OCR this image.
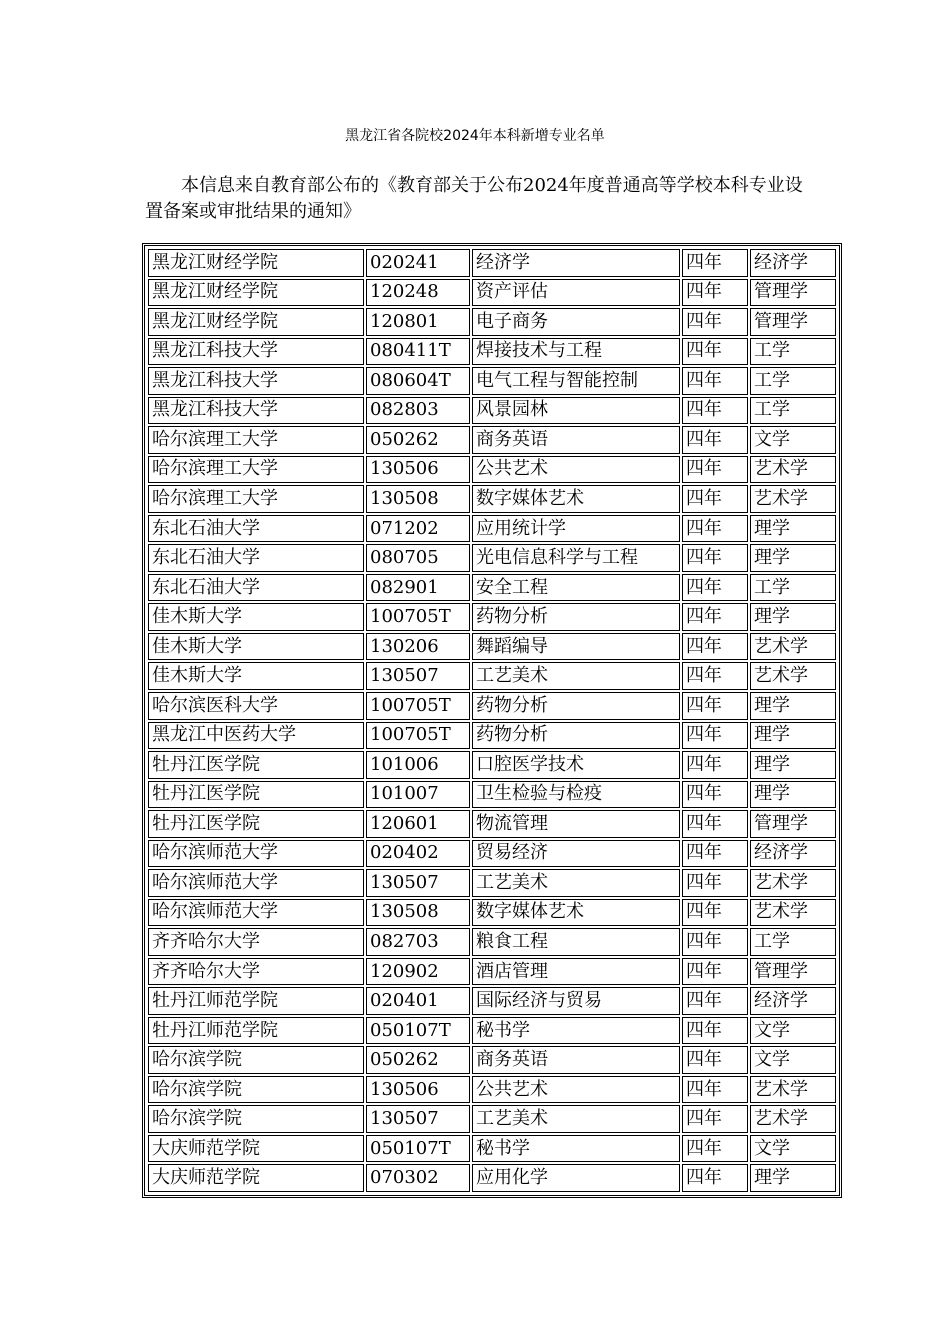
黑龙江省各院校2024年本科新增专业名单

本信息来自教育部公布的《教育部关于公布2024年度普通高等学校本科专业设置备案或审批结果的通知》

黑龙江财经学院	020241	经济学	四年	经济学
黑龙江财经学院	120248	资产评估	四年	管理学
黑龙江财经学院	120801	电子商务	四年	管理学
黑龙江科技大学	080411T	焊接技术与工程	四年	工学
黑龙江科技大学	080604T	电气工程与智能控制	四年	工学
黑龙江科技大学	082803	风景园林	四年	工学
哈尔滨理工大学	050262	商务英语	四年	文学
哈尔滨理工大学	130506	公共艺术	四年	艺术学
哈尔滨理工大学	130508	数字媒体艺术	四年	艺术学
东北石油大学	071202	应用统计学	四年	理学
东北石油大学	080705	光电信息科学与工程	四年	理学
东北石油大学	082901	安全工程	四年	工学
佳木斯大学	100705T	药物分析	四年	理学
佳木斯大学	130206	舞蹈编导	四年	艺术学
佳木斯大学	130507	工艺美术	四年	艺术学
哈尔滨医科大学	100705T	药物分析	四年	理学
黑龙江中医药大学	100705T	药物分析	四年	理学
牡丹江医学院	101006	口腔医学技术	四年	理学
牡丹江医学院	101007	卫生检验与检疫	四年	理学
牡丹江医学院	120601	物流管理	四年	管理学
哈尔滨师范大学	020402	贸易经济	四年	经济学
哈尔滨师范大学	130507	工艺美术	四年	艺术学
哈尔滨师范大学	130508	数字媒体艺术	四年	艺术学
齐齐哈尔大学	082703	粮食工程	四年	工学
齐齐哈尔大学	120902	酒店管理	四年	管理学
牡丹江师范学院	020401	国际经济与贸易	四年	经济学
牡丹江师范学院	050107T	秘书学	四年	文学
哈尔滨学院	050262	商务英语	四年	文学
哈尔滨学院	130506	公共艺术	四年	艺术学
哈尔滨学院	130507	工艺美术	四年	艺术学
大庆师范学院	050107T	秘书学	四年	文学
大庆师范学院	070302	应用化学	四年	理学
